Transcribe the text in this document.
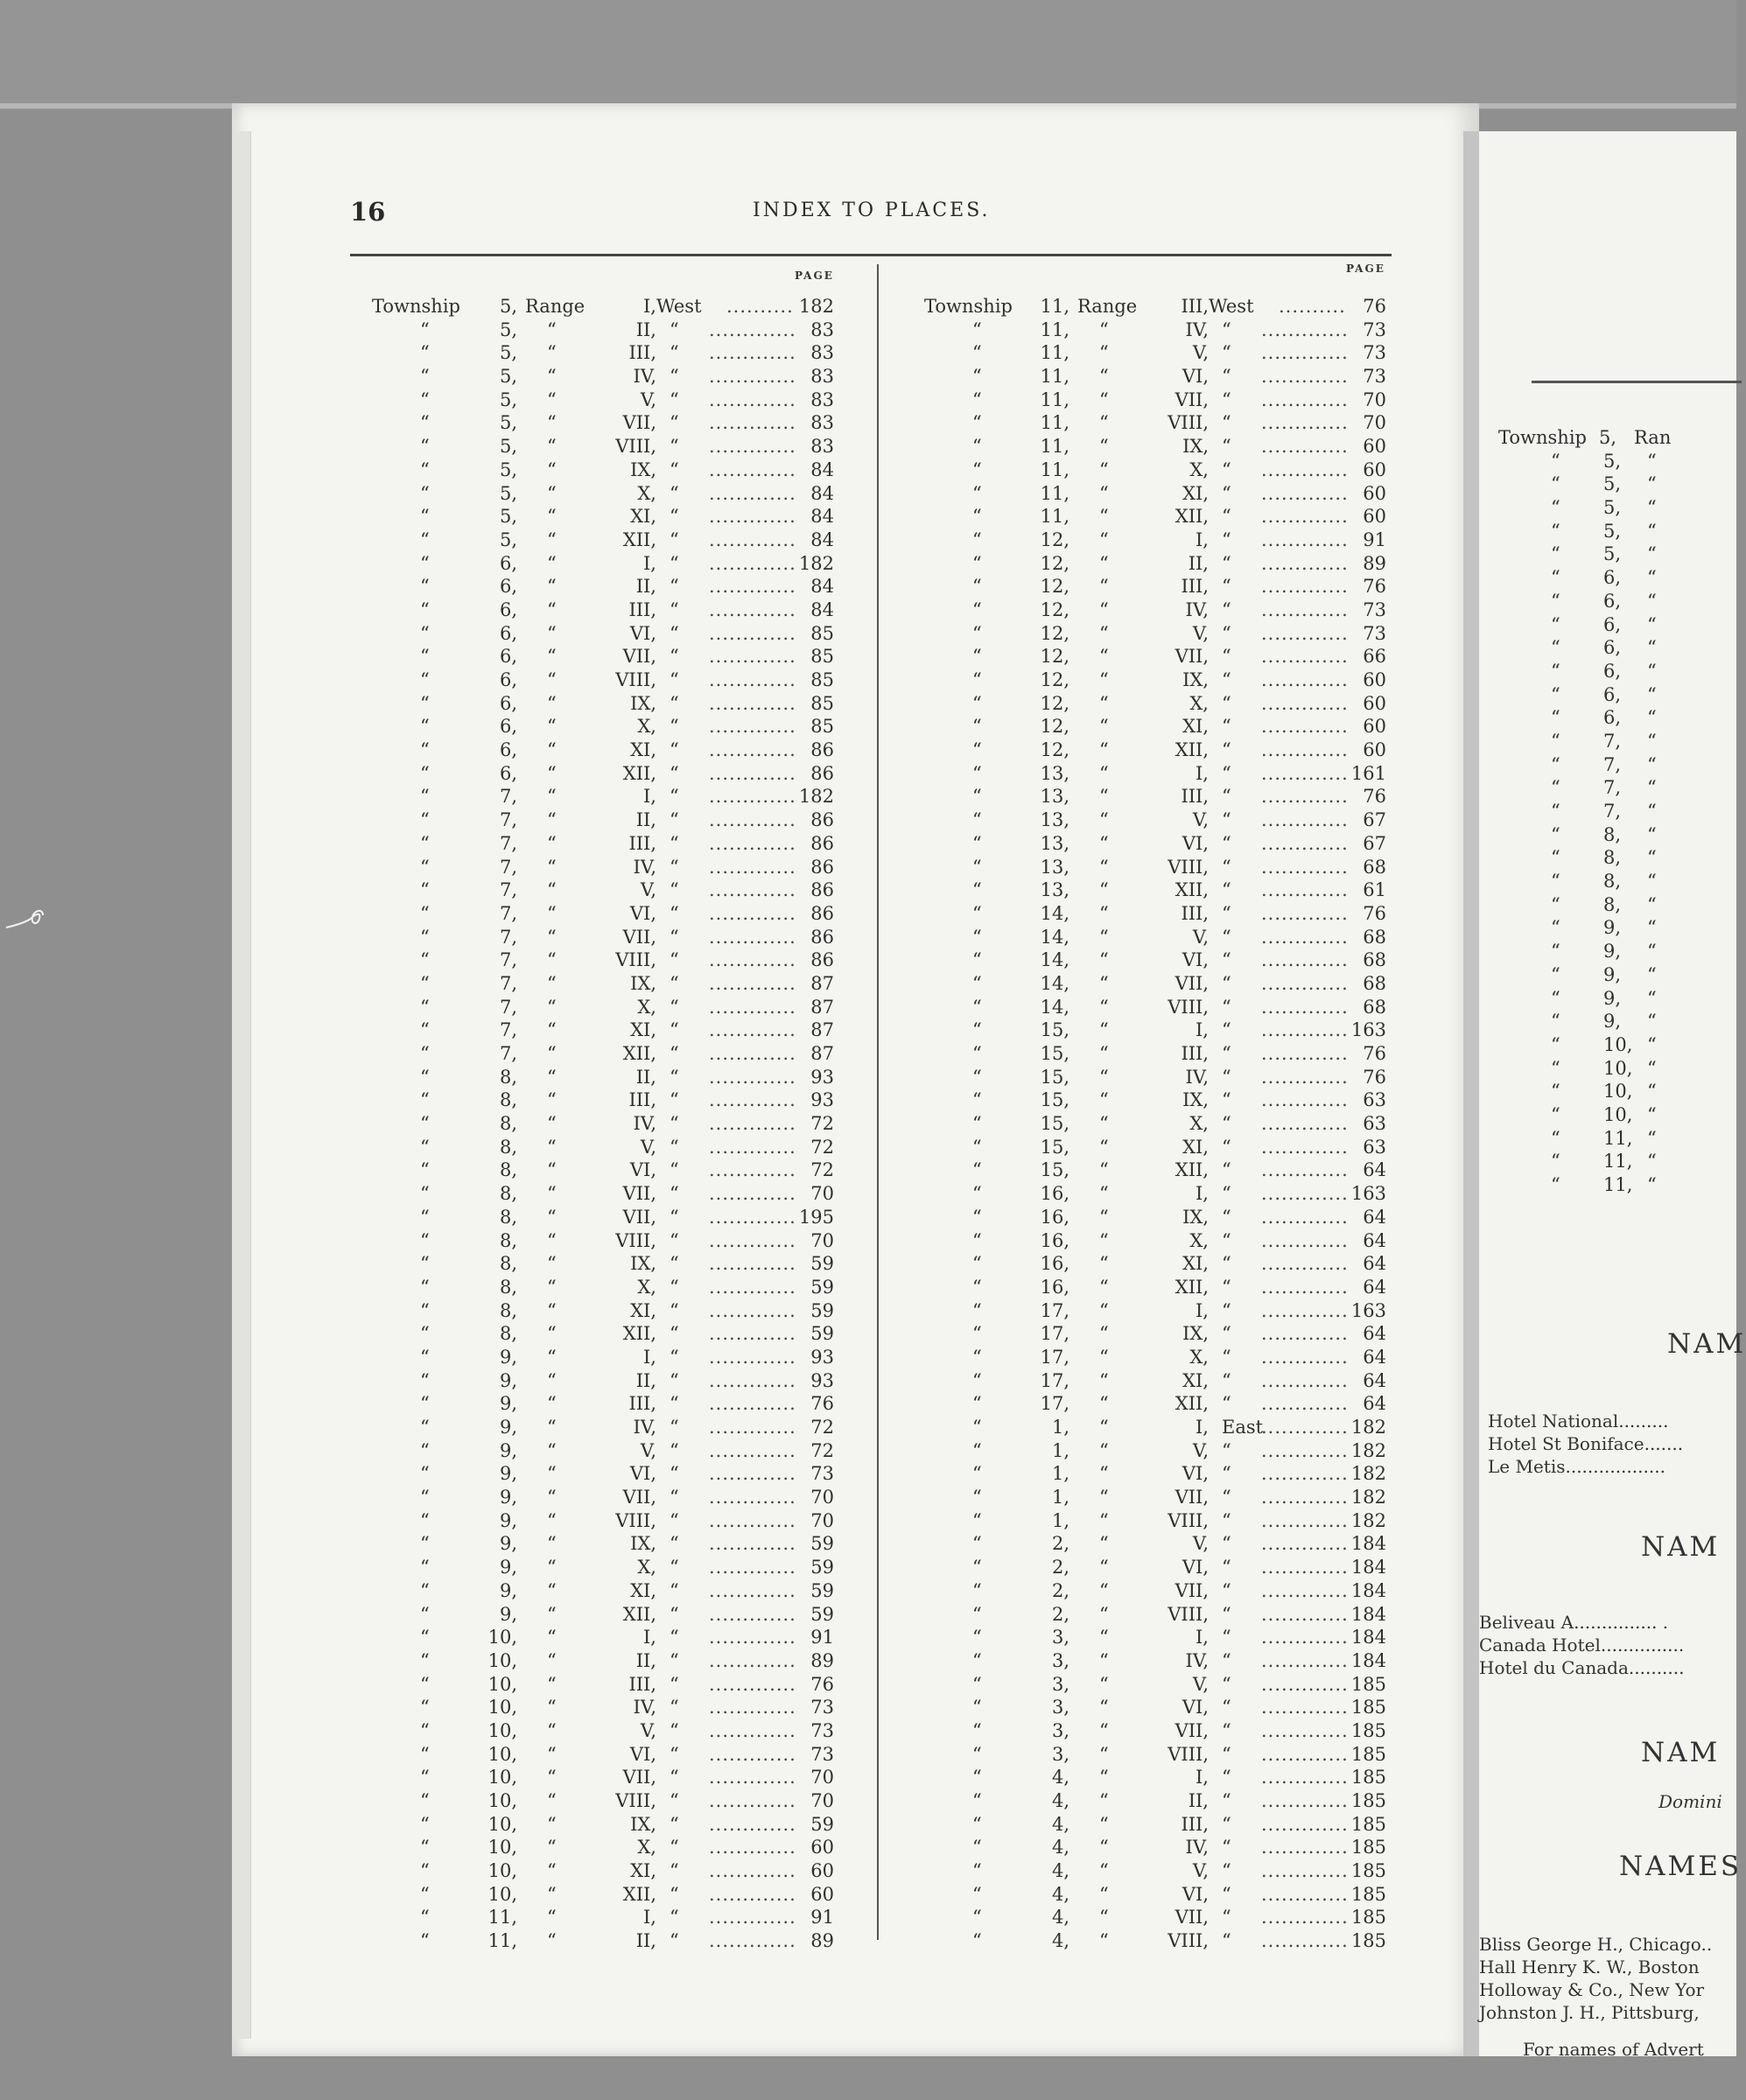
16	INDEX TO PLACES.
PAGE
PAGE
Township	5, Range	I, West	182
..........
“	5, “	II, “	83
.............
“	5, “	III, “	83
.............
“	5, “	IV, “	83
.............
“	5, “	V, “	83
.............
“	5, “	VII, “	83
.............
“	5, “	VIII, “	83
.............
“	5, “	IX, “	84
.............
“	5, “	X, “	84
.............
“	5, “	XI, “	84
.............
“	5, “	XII, “	84
.............
“	6, “	I, “	182
.............
“	6, “	II, “	84
.............
“	6, “	III, “	84
.............
“	6, “	VI, “	85
.............
“	6, “	VII, “	85
.............
“	6, “	VIII, “	85
.............
“	6, “	IX, “	85
.............
“	6, “	X, “	85
.............
“	6, “	XI, “	86
.............
“	6, “	XII, “	86
.............
“	7, “	I, “	182
.............
“	7, “	II, “	86
.............
“	7, “	III, “	86
.............
“	7, “	IV, “	86
.............
“	7, “	V, “	86
.............
“	7, “	VI, “	86
.............
“	7, “	VII, “	86
.............
“	7, “	VIII, “	86
.............
“	7, “	IX, “	87
.............
“	7, “	X, “	87
.............
“	7, “	XI, “	87
.............
“	7, “	XII, “	87
.............
“	8, “	II, “	93
.............
“	8, “	III, “	93
.............
“	8, “	IV, “	72
.............
“	8, “	V, “	72
.............
“	8, “	VI, “	72
.............
“	8, “	VII, “	70
.............
“	8, “	VII, “	195
.............
“	8, “	VIII, “	70
.............
“	8, “	IX, “	59
.............
“	8, “	X, “	59
.............
“	8, “	XI, “	59
.............
“	8, “	XII, “	59
.............
“	9, “	I, “	93
.............
“	9, “	II, “	93
.............
“	9, “	III, “	76
.............
“	9, “	IV, “	72
.............
“	9, “	V, “	72
.............
“	9, “	VI, “	73
.............
“	9, “	VII, “	70
.............
“	9, “	VIII, “	70
.............
“	9, “	IX, “	59
.............
“	9, “	X, “	59
.............
“	9, “	XI, “	59
.............
“	9, “	XII, “	59
.............
“	10, “	I, “	91
.............
“	10, “	II, “	89
.............
“	10, “	III, “	76
.............
“	10, “	IV, “	73
.............
“	10, “	V, “	73
.............
“	10, “	VI, “	73
.............
“	10, “	VII, “	70
.............
“	10, “	VIII, “	70
.............
“	10, “	IX, “	59
.............
“	10, “	X, “	60
.............
“	10, “	XI, “	60
.............
“	10, “	XII, “	60
.............
“	11, “	I, “	91
.............
“	11, “	II, “	89
.............
Township	11, Range	III, West	76
..........
“	11, “	IV, “	73
.............
“	11, “	V, “	73
.............
“	11, “	VI, “	73
.............
“	11, “	VII, “	70
.............
“	11, “	VIII, “	70
.............
“	11, “	IX, “	60
.............
“	11, “	X, “	60
.............
“	11, “	XI, “	60
.............
“	11, “	XII, “	60
.............
“	12, “	I, “	91
.............
“	12, “	II, “	89
.............
“	12, “	III, “	76
.............
“	12, “	IV, “	73
.............
“	12, “	V, “	73
.............
“	12, “	VII, “	66
.............
“	12, “	IX, “	60
.............
“	12, “	X, “	60
.............
“	12, “	XI, “	60
.............
“	12, “	XII, “	60
.............
“	13, “	I, “	161
.............
“	13, “	III, “	76
.............
“	13, “	V, “	67
.............
“	13, “	VI, “	67
.............
“	13, “	VIII, “	68
.............
“	13, “	XII, “	61
.............
“	14, “	III, “	76
.............
“	14, “	V, “	68
.............
“	14, “	VI, “	68
.............
“	14, “	VII, “	68
.............
“	14, “	VIII, “	68
.............
“	15, “	I, “	163
.............
“	15, “	III, “	76
.............
“	15, “	IV, “	76
.............
“	15, “	IX, “	63
.............
“	15, “	X, “	63
.............
“	15, “	XI, “	63
.............
“	15, “	XII, “	64
.............
“	16, “	I, “	163
.............
“	16, “	IX, “	64
.............
“	16, “	X, “	64
.............
“	16, “	XI, “	64
.............
“	16, “	XII, “	64
.............
“	17, “	I, “	163
.............
“	17, “	IX, “	64
.............
“	17, “	X, “	64
.............
“	17, “	XI, “	64
.............
“	17, “	XII, “	64
.............
“	1, “	I, East	182
.............
“	1, “	V, “	182
.............
“	1, “	VI, “	182
.............
“	1, “	VII, “	182
.............
“	1, “	VIII, “	182
.............
“	2, “	V, “	184
.............
“	2, “	VI, “	184
.............
“	2, “	VII, “	184
.............
“	2, “	VIII, “	184
.............
“	3, “	I, “	184
.............
“	3, “	IV, “	184
.............
“	3, “	V, “	185
.............
“	3, “	VI, “	185
.............
“	3, “	VII, “	185
.............
“	3, “	VIII, “	185
.............
“	4, “	I, “	185
.............
“	4, “	II, “	185
.............
“	4, “	III, “	185
.............
“	4, “	IV, “	185
.............
“	4, “	V, “	185
.............
“	4, “	VI, “	185
.............
“	4, “	VII, “	185
.............
“	4, “	VIII, “	185
.............
Township 5, Ran
“ 5, “
“ 5, “
“ 5, “
“ 5, “
“ 5, “
“ 6, “
“ 6, “
“ 6, “
“ 6, “
“ 6, “
“ 6, “
“ 6, “
“ 7, “
“ 7, “
“ 7, “
“ 7, “
“ 8, “
“ 8, “
“ 8, “
“ 8, “
“ 9, “
“ 9, “
“ 9, “
“ 9, “
“ 9, “
“ 10, “
“ 10, “
“ 10, “
“ 10, “
“ 11, “
“ 11, “
“ 11, “
NAM
Hotel National.........
Hotel St Boniface.......
Le Metis..................
NAM
Beliveau A............... .
Canada Hotel...............
Hotel du Canada..........
NAM
Domini
NAMES
Bliss George H., Chicago..
Hall Henry K. W., Boston
Holloway & Co., New Yor
Johnston J. H., Pittsburg,
For names of Advert
